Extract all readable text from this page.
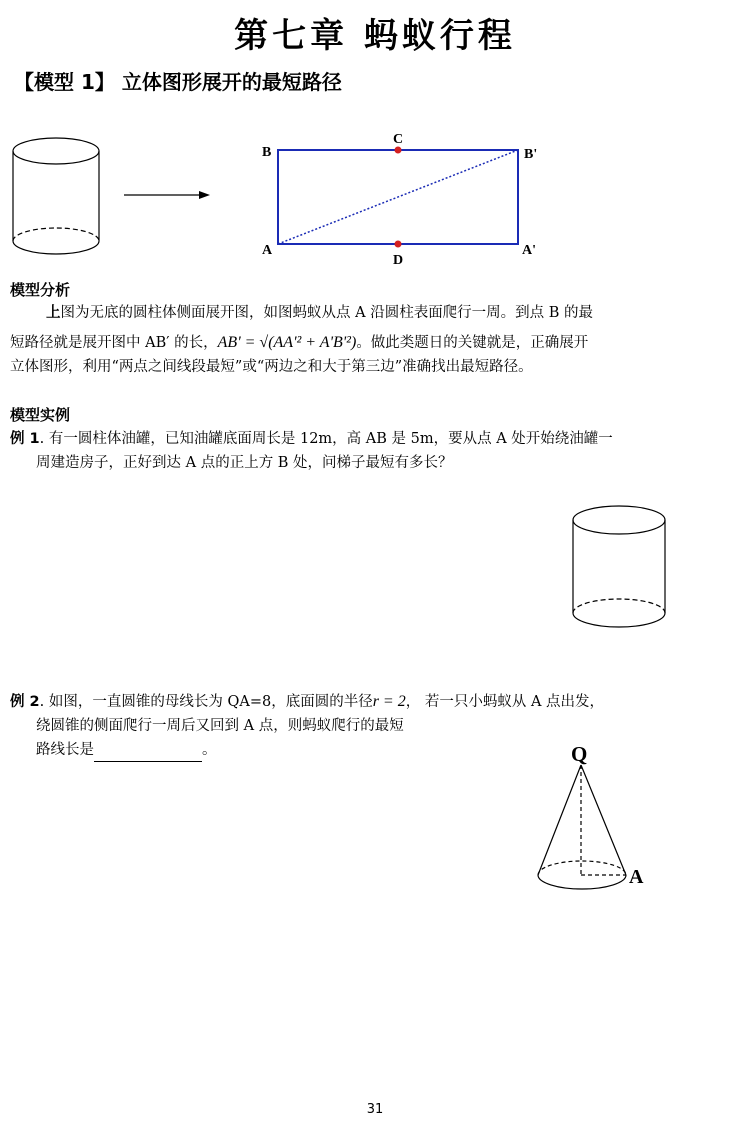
第七章 蚂蚁行程
【模型 1】 立体图形展开的最短路径
B
C
B'
A
D
A'
模型分析
上图为无底的圆柱体侧面展开图，如图蚂蚁从点 A 沿圆柱表面爬行一周。到点 B 的最
短路径就是展开图中 AB′ 的长，AB' = √(AA'² + A'B'²)。做此类题日的关键就是，正确展开
立体图形，利用“两点之间线段最短”或“两边之和大于第三边”准确找出最短路径。
模型实例
例 1. 有一圆柱体油罐，已知油罐底面周长是 12m，高 AB 是 5m，要从点 A 处开始绕油罐一
周建造房子，正好到达 A 点的正上方 B 处，问梯子最短有多长？
例 2. 如图，一直圆锥的母线长为 QA=8，底面圆的半径r = 2， 若一只小蚂蚁从 A 点出发，
绕圆锥的侧面爬行一周后又回到 A 点，则蚂蚁爬行的最短
路线长是	。	Q
A
31
